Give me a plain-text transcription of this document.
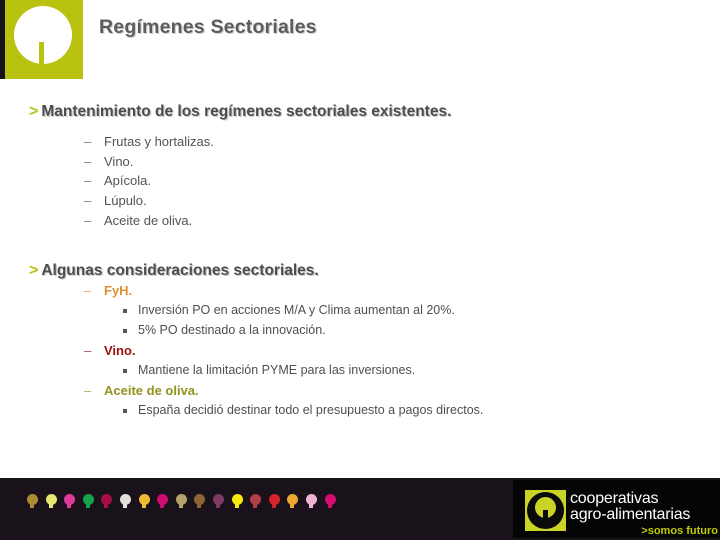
Regímenes Sectoriales
> Mantenimiento de los regímenes sectoriales existentes.
– Frutas y hortalizas.
– Vino.
– Apícola.
– Lúpulo.
– Aceite de oliva.
> Algunas consideraciones sectoriales.
– FyH.
Inversión PO en acciones M/A y Clima aumentan al 20%.
5% PO destinado a la innovación.
– Vino.
Mantiene la limitación PYME para las inversiones.
– Aceite de oliva.
España decidió destinar todo el presupuesto a pagos directos.
cooperativas
agro-alimentarias
>somos futuro
